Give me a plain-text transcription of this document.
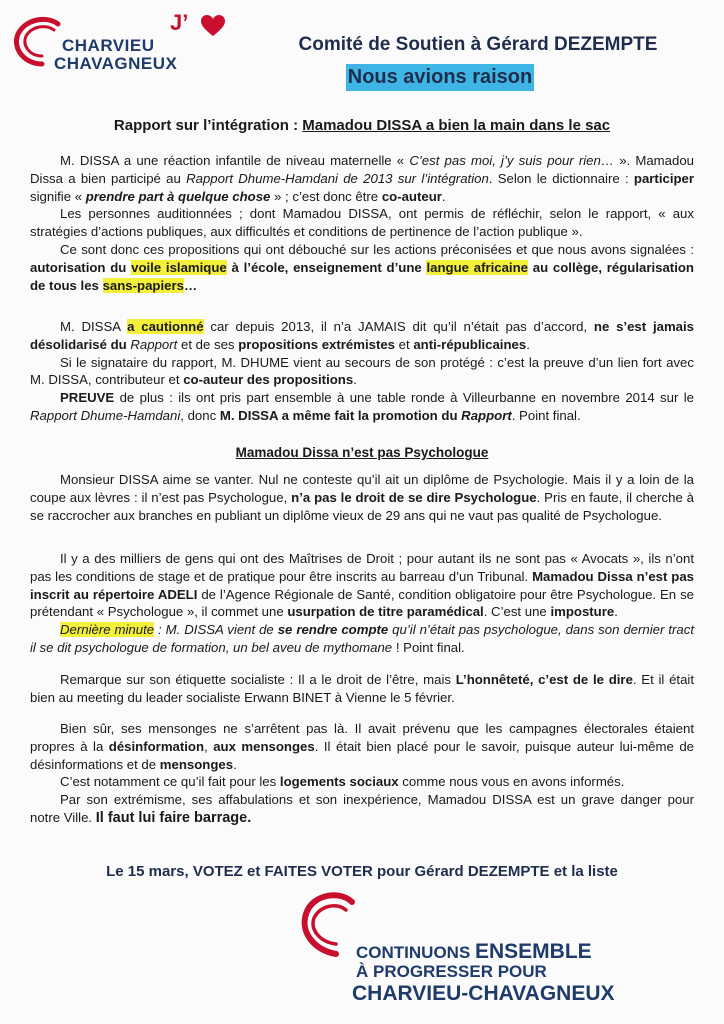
J’
CHARVIEU
CHAVAGNEUX
Comité de Soutien à Gérard DEZEMPTE
Nous avions raison
Rapport sur l’intégration : Mamadou DISSA a bien la main dans le sac

M. DISSA a une réaction infantile de niveau maternelle « C’est pas moi, j’y suis pour rien… ». Mamadou Dissa a bien participé au Rapport Dhume-Hamdani de 2013 sur l’intégration. Selon le dictionnaire : participer signifie « prendre part à quelque chose » ; c’est donc être co-auteur.

Les personnes auditionnées ; dont Mamadou DISSA, ont permis de réfléchir, selon le rapport, « aux stratégies d’actions publiques, aux difficultés et conditions de pertinence de l’action publique ».

Ce sont donc ces propositions qui ont débouché sur les actions préconisées et que nous avons signalées : autorisation du voile islamique à l’école, enseignement d’une langue africaine au collège, régularisation de tous les sans-papiers…

M. DISSA a cautionné car depuis 2013, il n’a JAMAIS dit qu’il n’était pas d’accord, ne s’est jamais désolidarisé du Rapport et de ses propositions extrémistes et anti-républicaines.

Si le signataire du rapport, M. DHUME vient au secours de son protégé : c’est la preuve d’un lien fort avec M. DISSA, contributeur et co-auteur des propositions.

PREUVE de plus : ils ont pris part ensemble à une table ronde à Villeurbanne en novembre 2014 sur le Rapport Dhume-Hamdani, donc M. DISSA a même fait la promotion du Rapport. Point final.

Mamadou Dissa n’est pas Psychologue

Monsieur DISSA aime se vanter. Nul ne conteste qu’il ait un diplôme de Psychologie. Mais il y a loin de la coupe aux lèvres : il n’est pas Psychologue, n’a pas le droit de se dire Psychologue. Pris en faute, il cherche à se raccrocher aux branches en publiant un diplôme vieux de 29 ans qui ne vaut pas qualité de Psychologue.

Il y a des milliers de gens qui ont des Maîtrises de Droit ; pour autant ils ne sont pas « Avocats », ils n’ont pas les conditions de stage et de pratique pour être inscrits au barreau d’un Tribunal. Mamadou Dissa n’est pas inscrit au répertoire ADELI de l’Agence Régionale de Santé, condition obligatoire pour être Psychologue. En se prétendant « Psychologue », il commet une usurpation de titre paramédical. C’est une imposture.

Dernière minute : M. DISSA vient de se rendre compte qu’il n’était pas psychologue, dans son dernier tract il se dit psychologue de formation, un bel aveu de mythomane ! Point final.

Remarque sur son étiquette socialiste : Il a le droit de l’être, mais L’honnêteté, c’est de le dire. Et il était bien au meeting du leader socialiste Erwann BINET à Vienne le 5 février.

Bien sûr, ses mensonges ne s’arrêtent pas là. Il avait prévenu que les campagnes électorales étaient propres à la désinformation, aux mensonges. Il était bien placé pour le savoir, puisque auteur lui-même de désinformations et de mensonges.

C’est notamment ce qu’il fait pour les logements sociaux comme nous vous en avons informés.

Par son extrémisme, ses affabulations et son inexpérience, Mamadou DISSA est un grave danger pour notre Ville. Il faut lui faire barrage.

Le 15 mars, VOTEZ et FAITES VOTER pour Gérard DEZEMPTE et la liste
CONTINUONS ENSEMBLE
À PROGRESSER POUR
CHARVIEU-CHAVAGNEUX
